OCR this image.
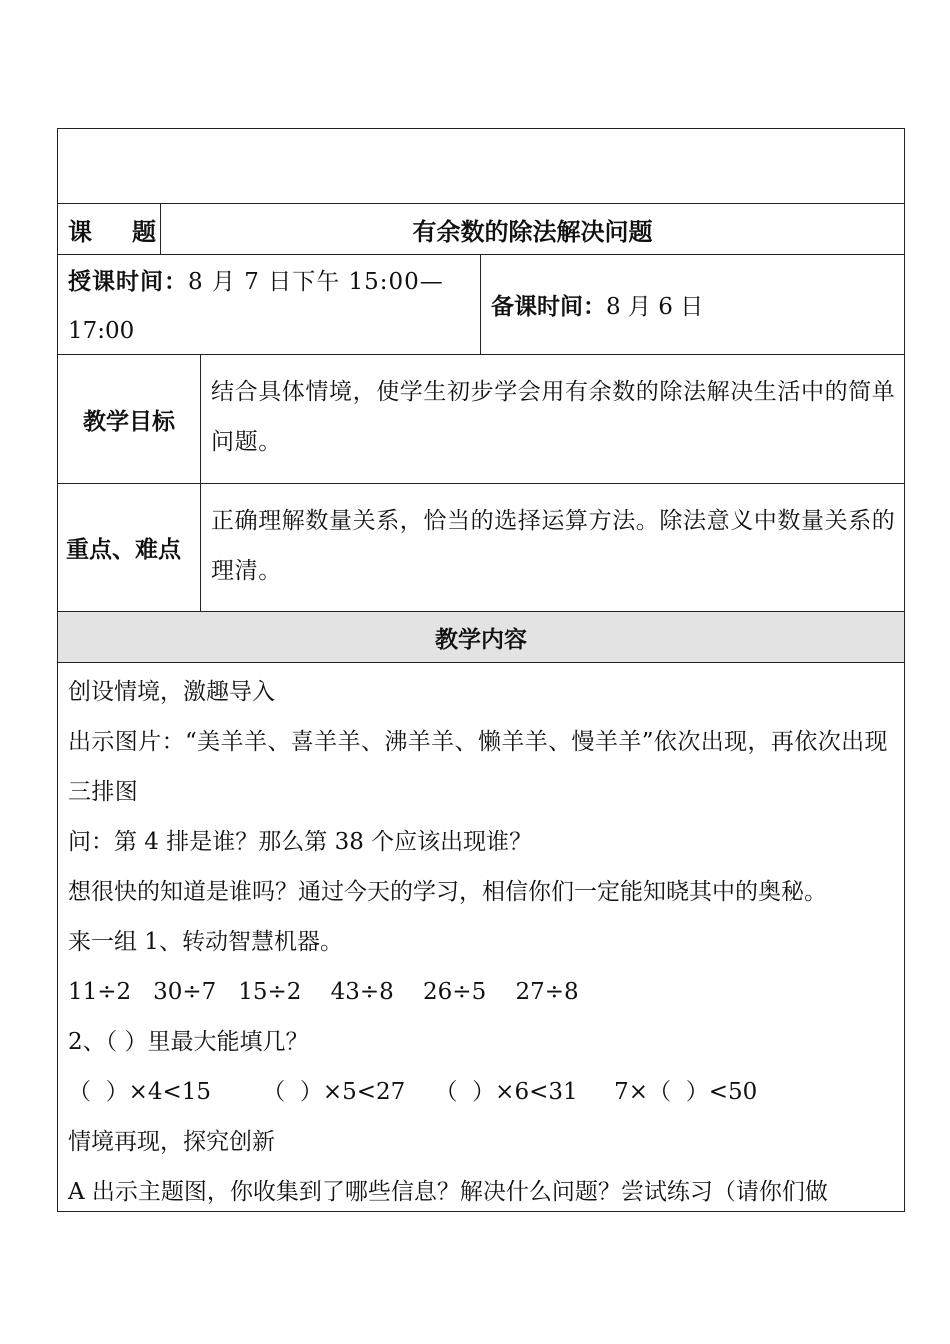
课 题	有余数的除法解决问题
授课时间：8 月 7 日下午 15:00—
17:00
备课时间： 8 月 6 日
教学目标
结合具体情境，使学生初步学会用有余数的除法解决生活中的简单问题。
重点、难点
正确理解数量关系，恰当的选择运算方法。除法意义中数量关系的理清。
教学内容

创设情境，激趣导入

出示图片：“美羊羊、喜羊羊、沸羊羊、懒羊羊、慢羊羊”依次出现，再依次出现三排图

问：第 4 排是谁？那么第 38 个应该出现谁？

想很快的知道是谁吗？通过今天的学习，相信你们一定能知晓其中的奥秘。

来一组 1、转动智慧机器。

11÷2   30÷7   15÷2    43÷8    26÷5    27÷8

2、（ ）里最大能填几？

（  ）×4<15       （  ）×5<27    （  ）×6<31     7×（  ）<50

情境再现，探究创新

A 出示主题图，你收集到了哪些信息？解决什么问题？尝试练习（请你们做
